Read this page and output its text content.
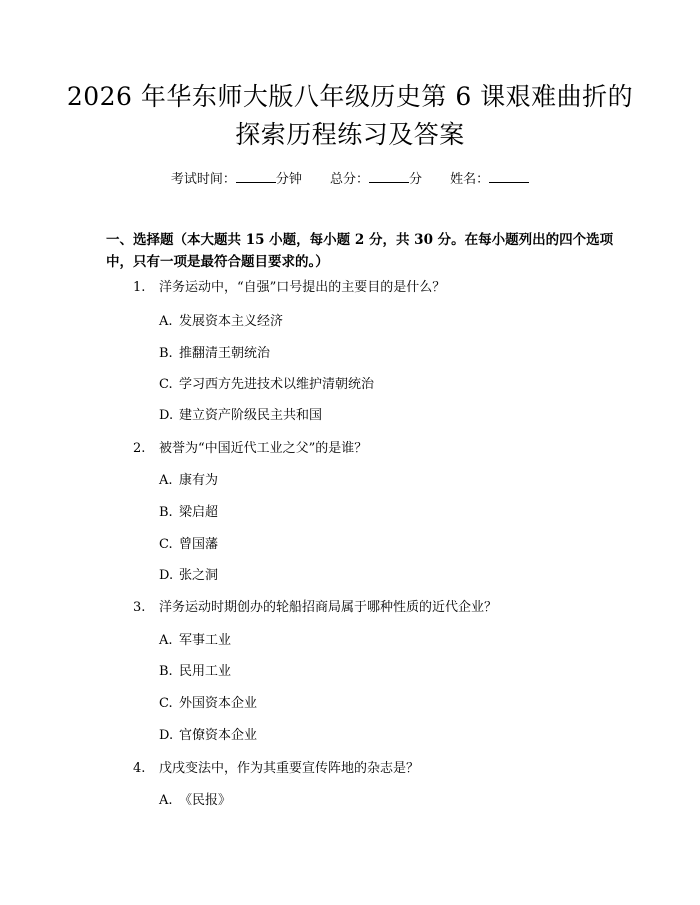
2026 年华东师大版八年级历史第 6 课艰难曲折的探索历程练习及答案
考试时间：	分钟 总分：	分 姓名：
一、选择题（本大题共 15 小题，每小题 2 分，共 30 分。在每小题列出的四个选项中，只有一项是最符合题目要求的。）
1. 洋务运动中，“自强”口号提出的主要目的是什么？
A. 发展资本主义经济
B. 推翻清王朝统治
C. 学习西方先进技术以维护清朝统治
D. 建立资产阶级民主共和国
2. 被誉为“中国近代工业之父”的是谁？
A. 康有为
B. 梁启超
C. 曾国藩
D. 张之洞
3. 洋务运动时期创办的轮船招商局属于哪种性质的近代企业？
A. 军事工业
B. 民用工业
C. 外国资本企业
D. 官僚资本企业
4. 戊戌变法中，作为其重要宣传阵地的杂志是？
A. 《民报》
